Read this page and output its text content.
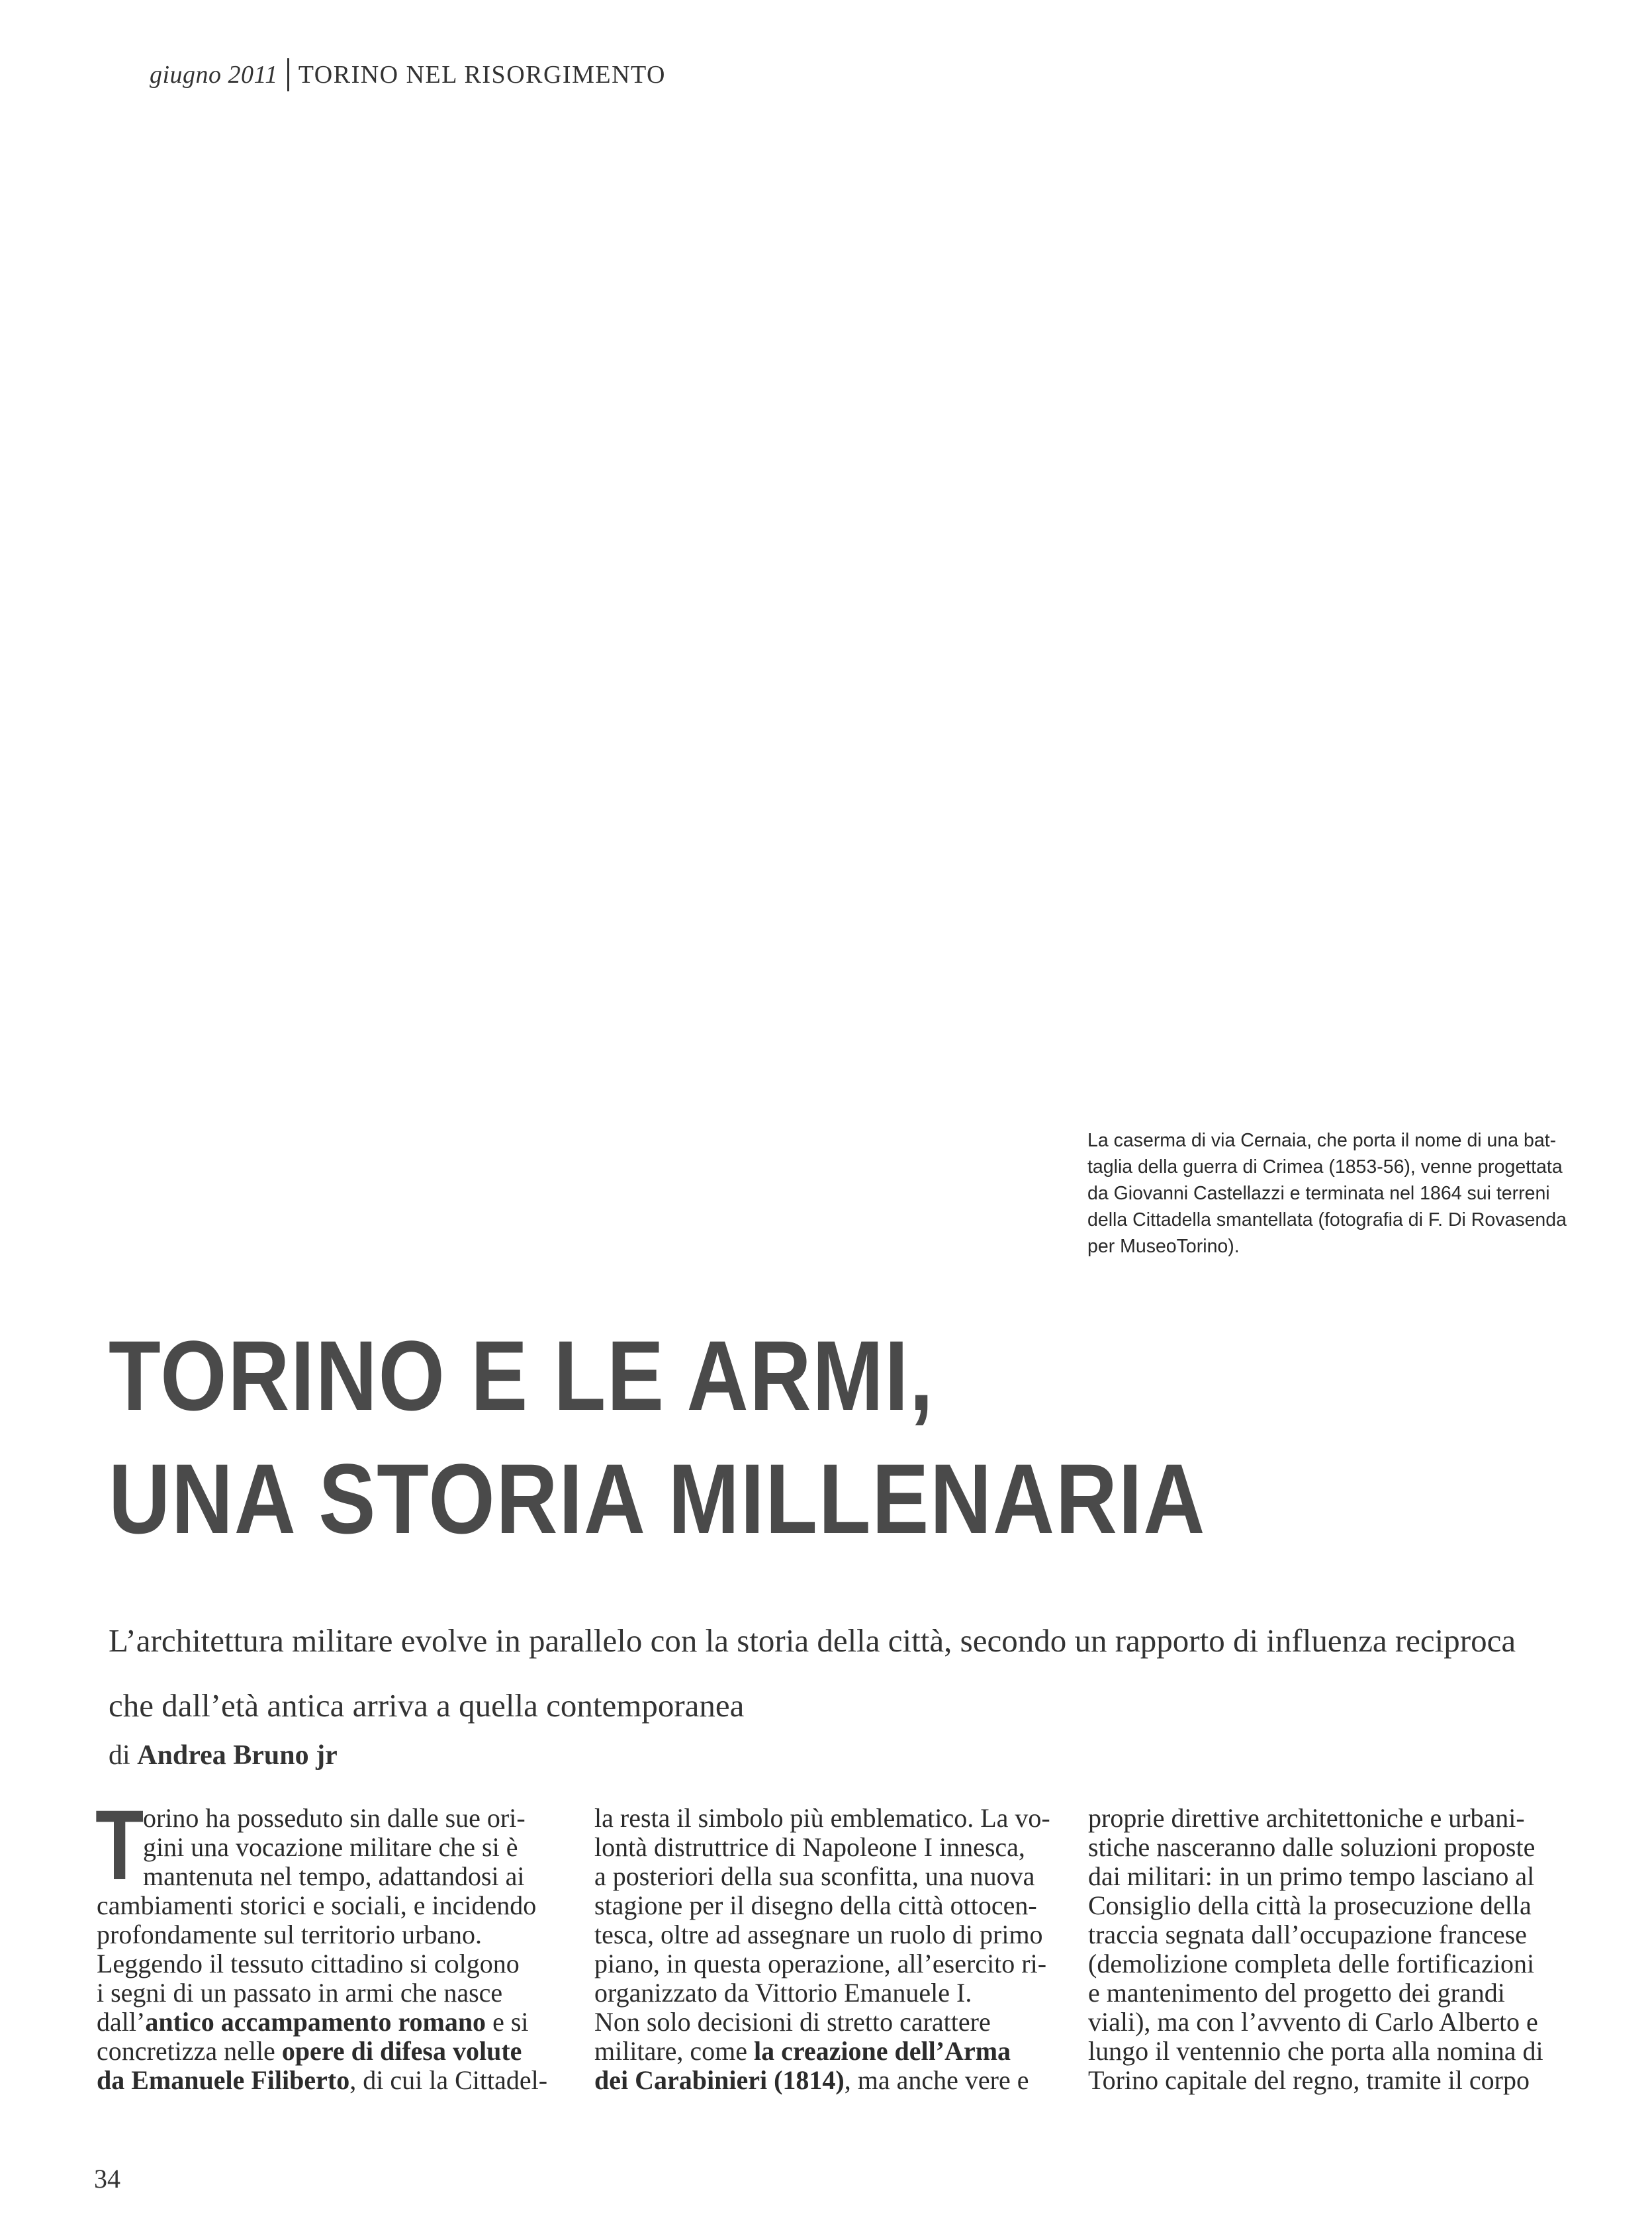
giugno 2011 TORINO NEL RISORGIMENTO
La caserma di via Cernaia, che porta il nome di una bat-
taglia della guerra di Crimea (1853-56), venne progettata
da Giovanni Castellazzi e terminata nel 1864 sui terreni
della Cittadella smantellata (fotografia di F. Di Rovasenda
per MuseoTorino).
TORINO E LE ARMI,
UNA STORIA MILLENARIA
L’architettura militare evolve in parallelo con la storia della città, secondo un rapporto di influenza reciproca
che dall’età antica arriva a quella contemporanea
di Andrea Bruno jr
T
orino ha posseduto sin dalle sue ori-
gini una vocazione militare che si è
mantenuta nel tempo, adattandosi ai
cambiamenti storici e sociali, e incidendo
profondamente sul territorio urbano.
Leggendo il tessuto cittadino si colgono
i segni di un passato in armi che nasce
dall’antico accampamento romano e si
concretizza nelle opere di difesa volute
da Emanuele Filiberto, di cui la Cittadel-
la resta il simbolo più emblematico. La vo-
lontà distruttrice di Napoleone I innesca,
a posteriori della sua sconfitta, una nuova
stagione per il disegno della città ottocen-
tesca, oltre ad assegnare un ruolo di primo
piano, in questa operazione, all’esercito ri-
organizzato da Vittorio Emanuele I.
Non solo decisioni di stretto carattere
militare, come la creazione dell’Arma
dei Carabinieri (1814), ma anche vere e
proprie direttive architettoniche e urbani-
stiche nasceranno dalle soluzioni proposte
dai militari: in un primo tempo lasciano al
Consiglio della città la prosecuzione della
traccia segnata dall’occupazione francese
(demolizione completa delle fortificazioni
e mantenimento del progetto dei grandi
viali), ma con l’avvento di Carlo Alberto e
lungo il ventennio che porta alla nomina di
Torino capitale del regno, tramite il corpo
34
